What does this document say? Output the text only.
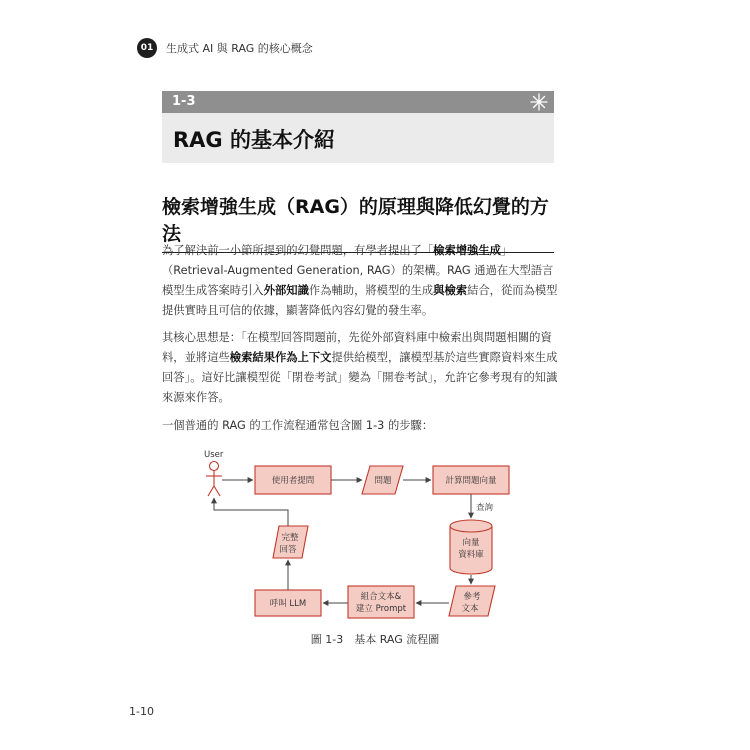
01	生成式 AI 與 RAG 的核心概念
1-3
RAG 的基本介紹
檢索增強生成（RAG）的原理與降低幻覺的方法
為了解決前一小節所提到的幻覺問題，有學者提出了「檢索增強生成」（Retrieval-Augmented Generation, RAG）的架構。RAG 通過在大型語言模型生成答案時引入外部知識作為輔助，將模型的生成與檢索結合，從而為模型提供實時且可信的依據，顯著降低內容幻覺的發生率。
其核心思想是：「在模型回答問題前，先從外部資料庫中檢索出與問題相關的資料，並將這些檢索結果作為上下文提供給模型，讓模型基於這些實際資料來生成回答」。這好比讓模型從「閉卷考試」變為「開卷考試」，允許它參考現有的知識來源來作答。
一個普通的 RAG 的工作流程通常包含圖 1-3 的步驟：
User
使用者提問	問題	計算問題向量
查詢
向量
資料庫
參考
文本
組合文本&
建立 Prompt
呼叫 LLM
完整
回答
圖 1-3　基本 RAG 流程圖
1-10
